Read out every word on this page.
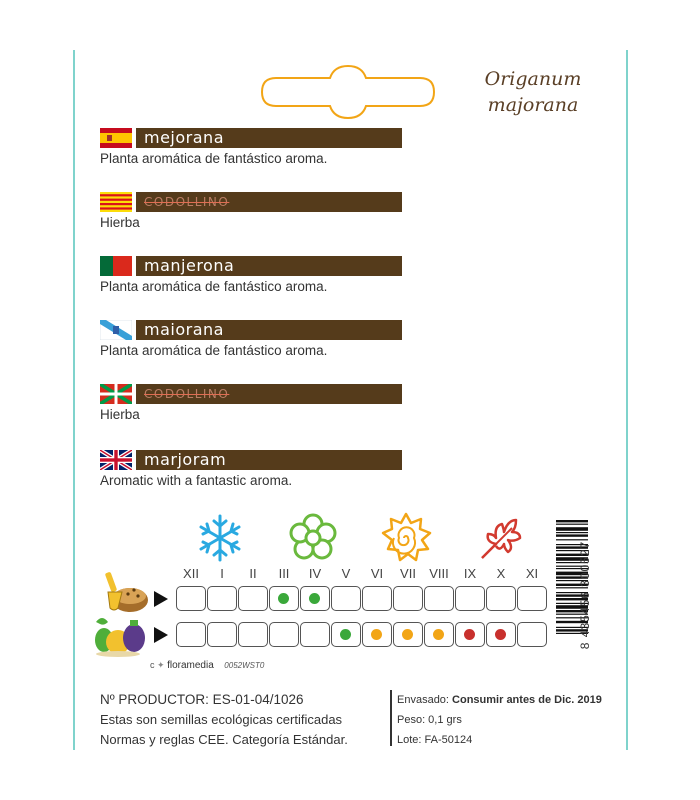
Origanum
majorana
mejorana
Planta aromática de fantástico aroma.
CODOLLINO
Hierba
manjerona
Planta aromática de fantástico aroma.
maiorana
Planta aromática de fantástico aroma.
CODOLLINO
Hierba
marjoram
Aromatic with a fantastic aroma.
XII	I	II	III	IV	V	VI	VII	VIII	IX	X	XI
c ✦ floramedia 0052WST0
8 435456 300527
Nº PRODUCTOR: ES-01-04/1026
Estas son semillas ecológicas certificadas
Normas y reglas CEE. Categoría Estándar.
Envasado: Consumir antes de Dic. 2019
Peso: 0,1 grs
Lote: FA-50124
